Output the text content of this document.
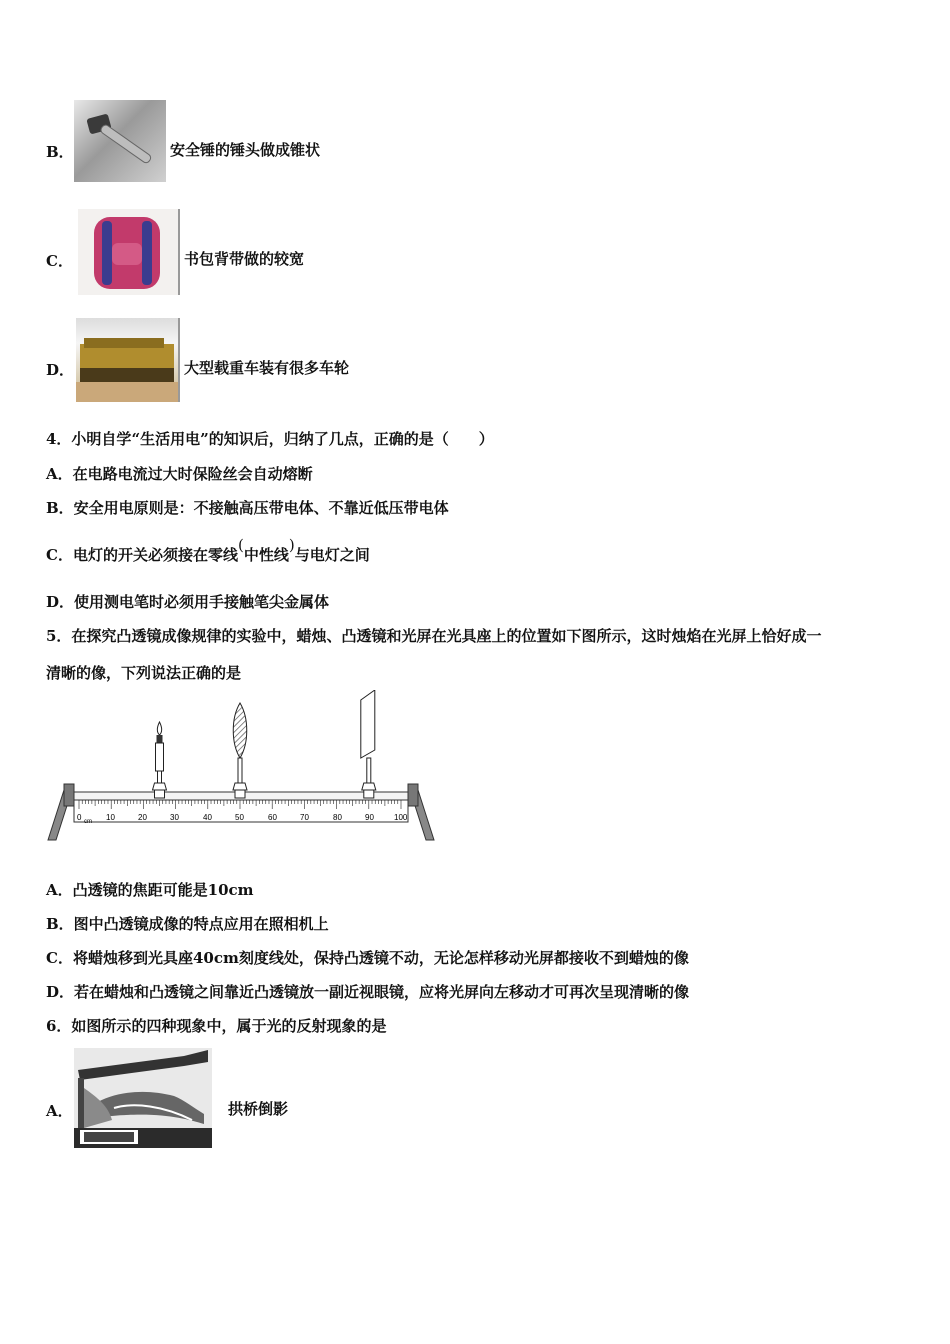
B．	安全锤的锤头做成锥状
C．	书包背带做的较宽
D．	大型载重车装有很多车轮
4．小明自学“生活用电”的知识后，归纳了几点，正确的是（　　）
A．在电路电流过大时保险丝会自动熔断
B．安全用电原则是：不接触高压带电体、不靠近低压带电体
C．电灯的开关必须接在零线(中性线)与电灯之间
D．使用测电笔时必须用手接触笔尖金属体
5．在探究凸透镜成像规律的实验中，蜡烛、凸透镜和光屏在光具座上的位置如下图所示，这时烛焰在光屏上恰好成一
清晰的像，下列说法正确的是
0	10	20	30	40	50	60	70	80	90	100
cm
A．凸透镜的焦距可能是10cm
B．图中凸透镜成像的特点应用在照相机上
C．将蜡烛移到光具座40cm刻度线处，保持凸透镜不动，无论怎样移动光屏都接收不到蜡烛的像
D．若在蜡烛和凸透镜之间靠近凸透镜放一副近视眼镜，应将光屏向左移动才可再次呈现清晰的像
6．如图所示的四种现象中，属于光的反射现象的是
A．	拱桥倒影
